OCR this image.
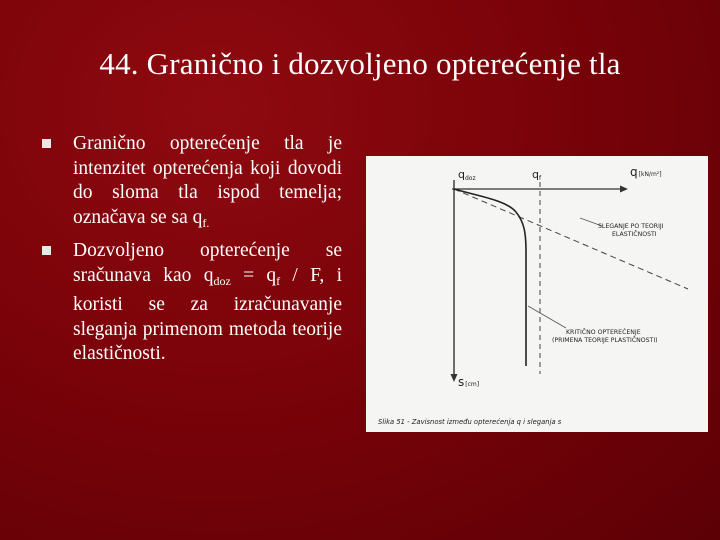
44. Granično i dozvoljeno opterećenje tla
Granično opterećenje tla je intenzitet opterećenja koji dovodi do sloma tla ispod temelja; označava se sa $q_{f.}$
Dozvoljeno opterećenje se sračunava kao $q_{doz} = q_f / F$, i koristi se za izračunavanje sleganja primenom metoda teorije elastičnosti.
qdoz	qf	q[kN/m²]
s[cm]
SLEGANJE PO TEORIJI
ELASTIČNOSTI
KRITIČNO OPTEREĆENJE
(PRIMENA TEORIJE PLASTIČNOSTI)
Slika 51 - Zavisnost između opterećenja q i sleganja s
